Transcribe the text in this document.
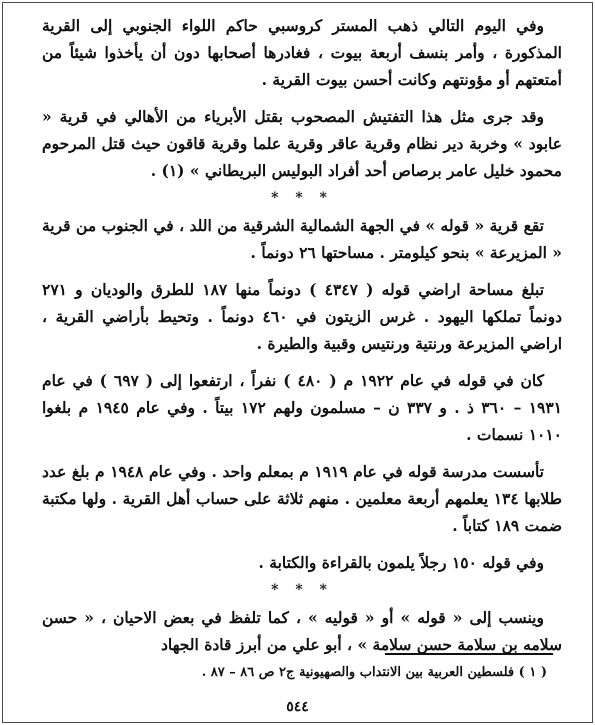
وفي اليوم التالي ذهب المستر كروسبي حاكم اللواء الجنوبي إلى القرية المذكورة ، وأمر بنسف أربعة بيوت ، فغادرها أصحابها دون أن يأخذوا شيئاً من أمتعتهم أو مؤونتهم وكانت أحسن بيوت القرية .

وقد جرى مثل هذا التفتيش المصحوب بقتل الأبرياء من الأهالي في قرية « عابود » وخربة دير نظام وقرية عاقر وقرية علما وقرية قاقون حيث قتل المرحوم محمود خليل عامر برصاص أحد أفراد البوليس البريطاني » (١) .

* * *

تقع قرية « قوله » في الجهة الشمالية الشرقية من اللد ، في الجنوب من قرية « المزيرعة » بنحو كيلومتر . مساحتها ٢٦ دونماً .

تبلغ مساحة اراضي قوله ( ٤٣٤٧ ) دونماً منها ١٨٧ للطرق والوديان و ٢٧١ دونماً تملكها اليهود . غرس الزيتون في ٤٦٠ دونماً . وتحيط بأراضي القرية ، اراضي المزيرعة ورنتية ورنتيس وقبية والطيرة .

كان في قوله في عام ١٩٢٢ م ( ٤٨٠ ) نفراً ، ارتفعوا إلى ( ٦٩٧ ) في عام ١٩٣١ – ٣٦٠ ذ . و ٣٣٧ ن – مسلمون ولهم ١٧٢ بيتاً . وفي عام ١٩٤٥ م بلغوا ١٠١٠ نسمات .

تأسست مدرسة قوله في عام ١٩١٩ م بمعلم واحد . وفي عام ١٩٤٨ م بلغ عدد طلابها ١٣٤ يعلمهم أربعة معلمين . منهم ثلاثة على حساب أهل القرية . ولها مكتبة ضمت ١٨٩ كتاباً .

وفي قوله ١٥٠ رجلاً يلمون بالقراءة والكتابة .

* * *

وينسب إلى « قوله » أو « قوليه » ، كما تلفظ في بعض الاحيان ، « حسن سلامه بن سلامة حسن سلامة » ، أبو علي من أبرز قادة الجهاد

( ١ ) فلسطين العربية بين الانتداب والصهيونية ج٢ ص ٨٦ – ٨٧ .
٥٤٤
